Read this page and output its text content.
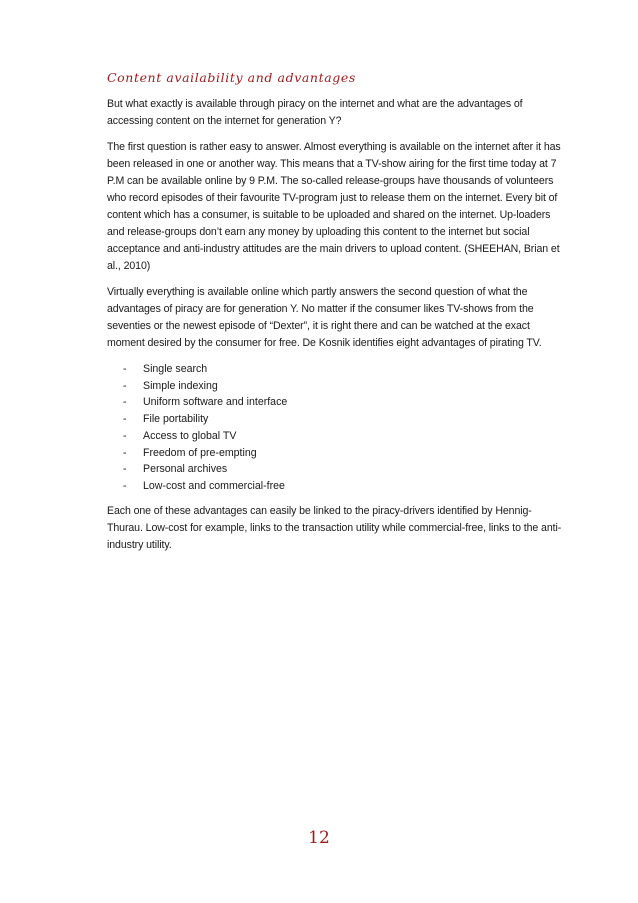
Content availability and advantages

But what exactly is available through piracy on the internet and what are the advantages of accessing content on the internet for generation Y?

The first question is rather easy to answer. Almost everything is available on the internet after it has been released in one or another way. This means that a TV-show airing for the first time today at 7 P.M can be available online by 9 P.M. The so-called release-groups have thousands of volunteers who record episodes of their favourite TV-program just to release them on the internet. Every bit of content which has a consumer, is suitable to be uploaded and shared on the internet. Up-loaders and release-groups don’t earn any money by uploading this content to the internet but social acceptance and anti-industry attitudes are the main drivers to upload content. (SHEEHAN, Brian et al., 2010)

Virtually everything is available online which partly answers the second question of what the advantages of piracy are for generation Y. No matter if the consumer likes TV-shows from the seventies or the newest episode of “Dexter”, it is right there and can be watched at the exact moment desired by the consumer for free. De Kosnik identifies eight advantages of pirating TV.

- Single search
- Simple indexing
- Uniform software and interface
- File portability
- Access to global TV
- Freedom of pre-empting
- Personal archives
- Low-cost and commercial-free

Each one of these advantages can easily be linked to the piracy-drivers identified by Hennig-Thurau. Low-cost for example, links to the transaction utility while commercial-free, links to the anti-industry utility.

12
